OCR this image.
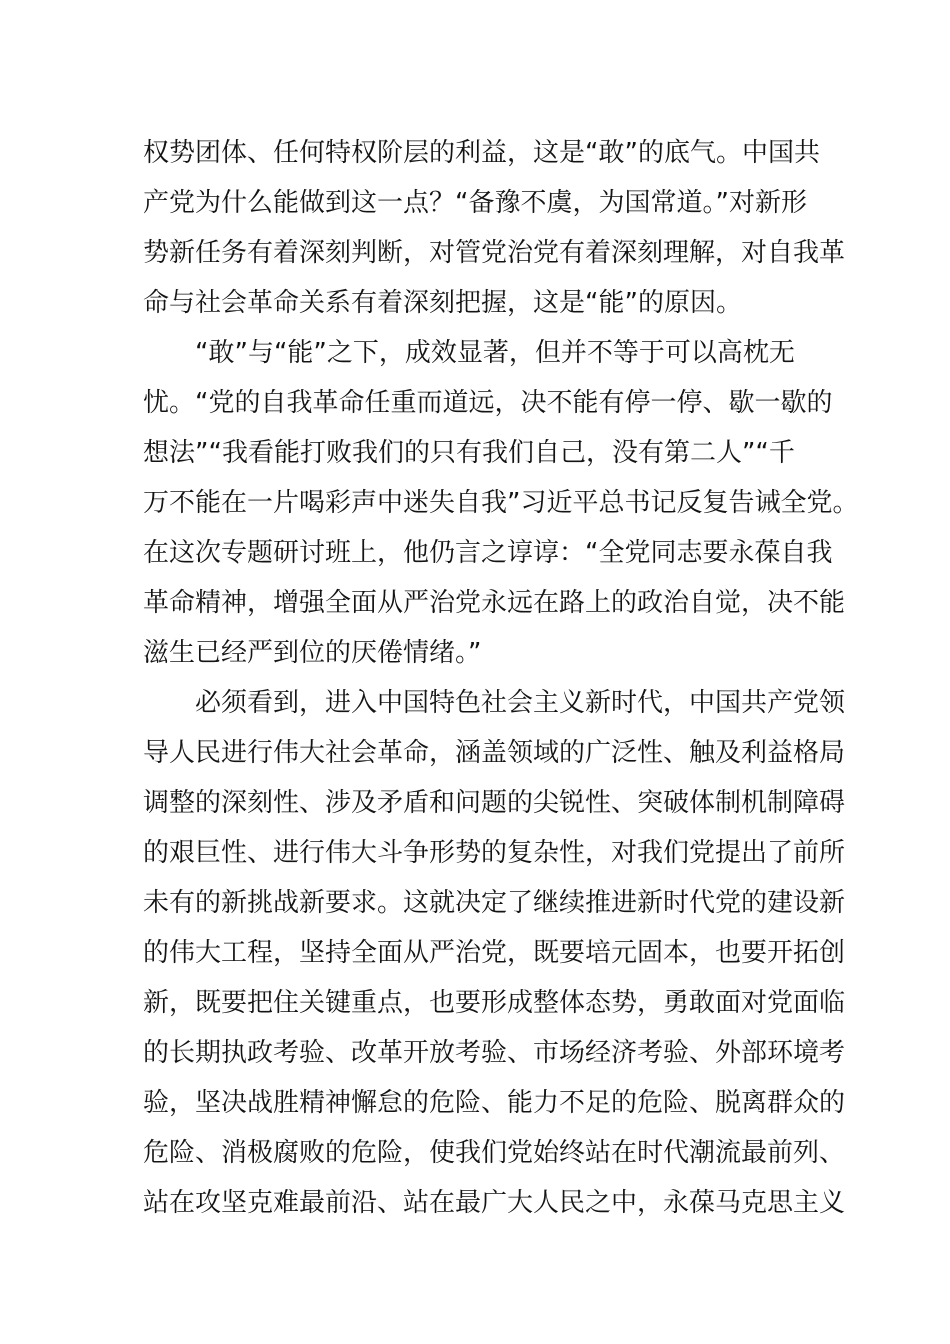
权势团体、任何特权阶层的利益，这是“敢”的底气。中国共
产党为什么能做到这一点？“备豫不虞，为国常道。”对新形
势新任务有着深刻判断，对管党治党有着深刻理解，对自我革
命与社会革命关系有着深刻把握，这是“能”的原因。
“敢”与“能”之下，成效显著，但并不等于可以高枕无
忧。“党的自我革命任重而道远，决不能有停一停、歇一歇的
想法”“我看能打败我们的只有我们自己，没有第二人”“千
万不能在一片喝彩声中迷失自我”习近平总书记反复告诫全党。
在这次专题研讨班上，他仍言之谆谆：“全党同志要永葆自我
革命精神，增强全面从严治党永远在路上的政治自觉，决不能
滋生已经严到位的厌倦情绪。”
必须看到，进入中国特色社会主义新时代，中国共产党领
导人民进行伟大社会革命，涵盖领域的广泛性、触及利益格局
调整的深刻性、涉及矛盾和问题的尖锐性、突破体制机制障碍
的艰巨性、进行伟大斗争形势的复杂性，对我们党提出了前所
未有的新挑战新要求。这就决定了继续推进新时代党的建设新
的伟大工程，坚持全面从严治党，既要培元固本，也要开拓创
新，既要把住关键重点，也要形成整体态势，勇敢面对党面临
的长期执政考验、改革开放考验、市场经济考验、外部环境考
验，坚决战胜精神懈怠的危险、能力不足的危险、脱离群众的
危险、消极腐败的危险，使我们党始终站在时代潮流最前列、
站在攻坚克难最前沿、站在最广大人民之中，永葆马克思主义
